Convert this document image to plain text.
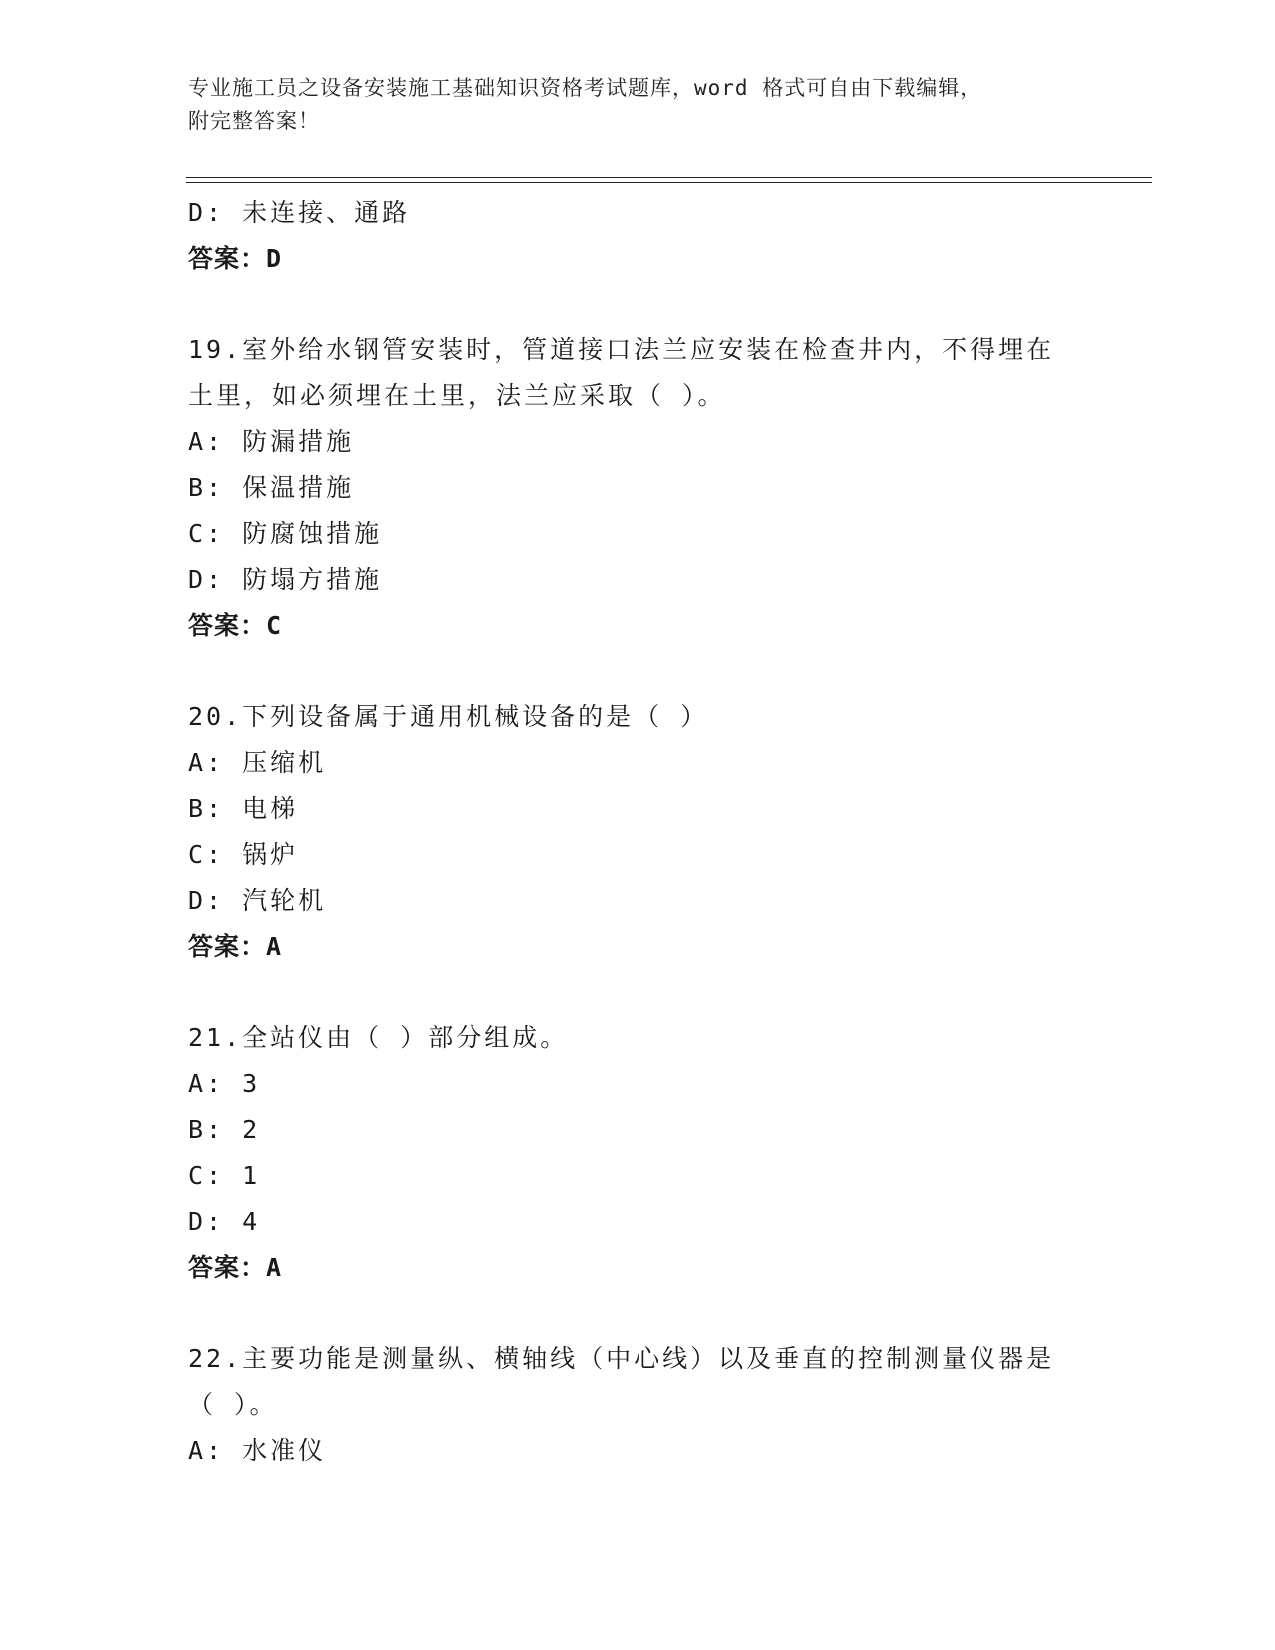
专业施工员之设备安装施工基础知识资格考试题库，word 格式可自由下载编辑，
附完整答案！
D: 未连接、通路
答案：D
19.室外给水钢管安装时，管道接口法兰应安装在检查井内，不得埋在
土里，如必须埋在土里，法兰应采取（ ）。
A: 防漏措施
B: 保温措施
C: 防腐蚀措施
D: 防塌方措施
答案：C
20.下列设备属于通用机械设备的是（ ）
A: 压缩机
B: 电梯
C: 锅炉
D: 汽轮机
答案：A
21.全站仪由（ ）部分组成。
A: 3
B: 2
C: 1
D: 4
答案：A
22.主要功能是测量纵、横轴线（中心线）以及垂直的控制测量仪器是
（ ）。
A: 水准仪
